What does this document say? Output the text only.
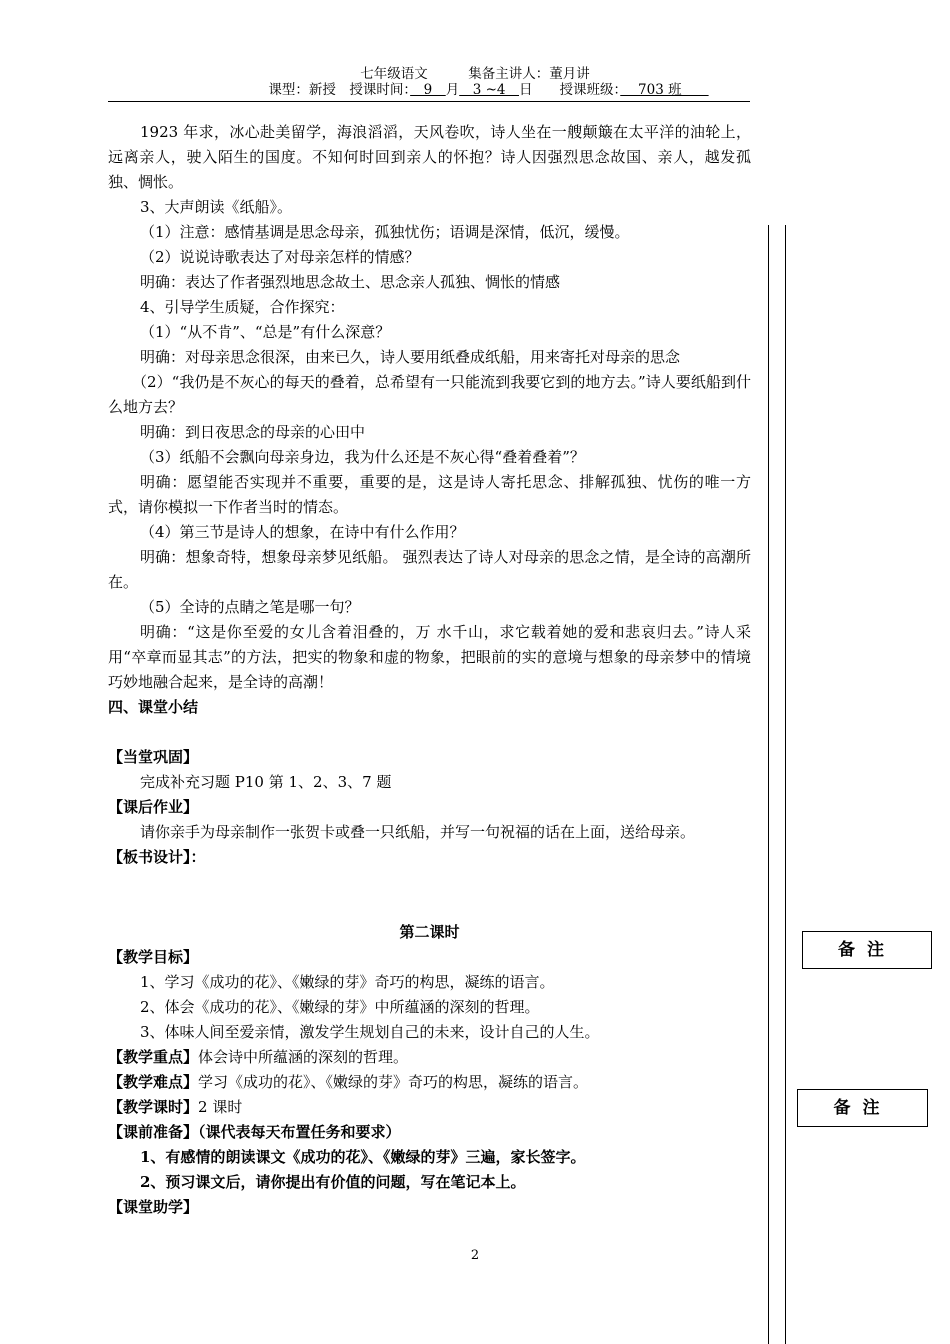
七年级语文　　　集备主讲人：董月讲
课型：新授　授课时间：　9　月　3 ~4　日　　授课班级：　 703 班　　

1923 年求，冰心赴美留学，海浪滔滔，天风卷吹，诗人坐在一艘颠簸在太平洋的油轮上，远离亲人，驶入陌生的国度。不知何时回到亲人的怀抱？诗人因强烈思念故国、亲人，越发孤独、惆怅。

3、大声朗读《纸船》。

（1）注意：感情基调是思念母亲，孤独忧伤；语调是深情，低沉，缓慢。

（2）说说诗歌表达了对母亲怎样的情感？

明确：表达了作者强烈地思念故土、思念亲人孤独、惆怅的情感

4、引导学生质疑，合作探究：

（1）“从不肯”、“总是”有什么深意？

明确：对母亲思念很深，由来已久，诗人要用纸叠成纸船，用来寄托对母亲的思念

（2）“我仍是不灰心的每天的叠着，总希望有一只能流到我要它到的地方去。”诗人要纸船到什么地方去？

明确：到日夜思念的母亲的心田中

（3）纸船不会飘向母亲身边，我为什么还是不灰心得“叠着叠着”？

明确：愿望能否实现并不重要，重要的是，这是诗人寄托思念、排解孤独、忧伤的唯一方式，请你模拟一下作者当时的情态。

（4）第三节是诗人的想象，在诗中有什么作用？

明确：想象奇特，想象母亲梦见纸船。 强烈表达了诗人对母亲的思念之情，是全诗的高潮所在。

（5）全诗的点睛之笔是哪一句？

明确：“这是你至爱的女儿含着泪叠的，万 水千山，求它载着她的爱和悲哀归去。”诗人采用“卒章而显其志”的方法，把实的物象和虚的物象，把眼前的实的意境与想象的母亲梦中的情境巧妙地融合起来，是全诗的高潮！

四、课堂小结

【当堂巩固】

完成补充习题 P10 第 1、2、3、7 题

【课后作业】

请你亲手为母亲制作一张贺卡或叠一只纸船，并写一句祝福的话在上面，送给母亲。

【板书设计】：

第二课时

【教学目标】

1、学习《成功的花》、《嫩绿的芽》奇巧的构思，凝练的语言。

2、体会《成功的花》、《嫩绿的芽》中所蕴涵的深刻的哲理。

3、体味人间至爱亲情，激发学生规划自己的未来，设计自己的人生。

【教学重点】体会诗中所蕴涵的深刻的哲理。

【教学难点】学习《成功的花》、《嫩绿的芽》奇巧的构思，凝练的语言。

【教学课时】2 课时

【课前准备】（课代表每天布置任务和要求）

1、有感情的朗读课文《成功的花》、《嫩绿的芽》三遍，家长签字。

2、预习课文后，请你提出有价值的问题，写在笔记本上。

【课堂助学】

备注
备注
2
